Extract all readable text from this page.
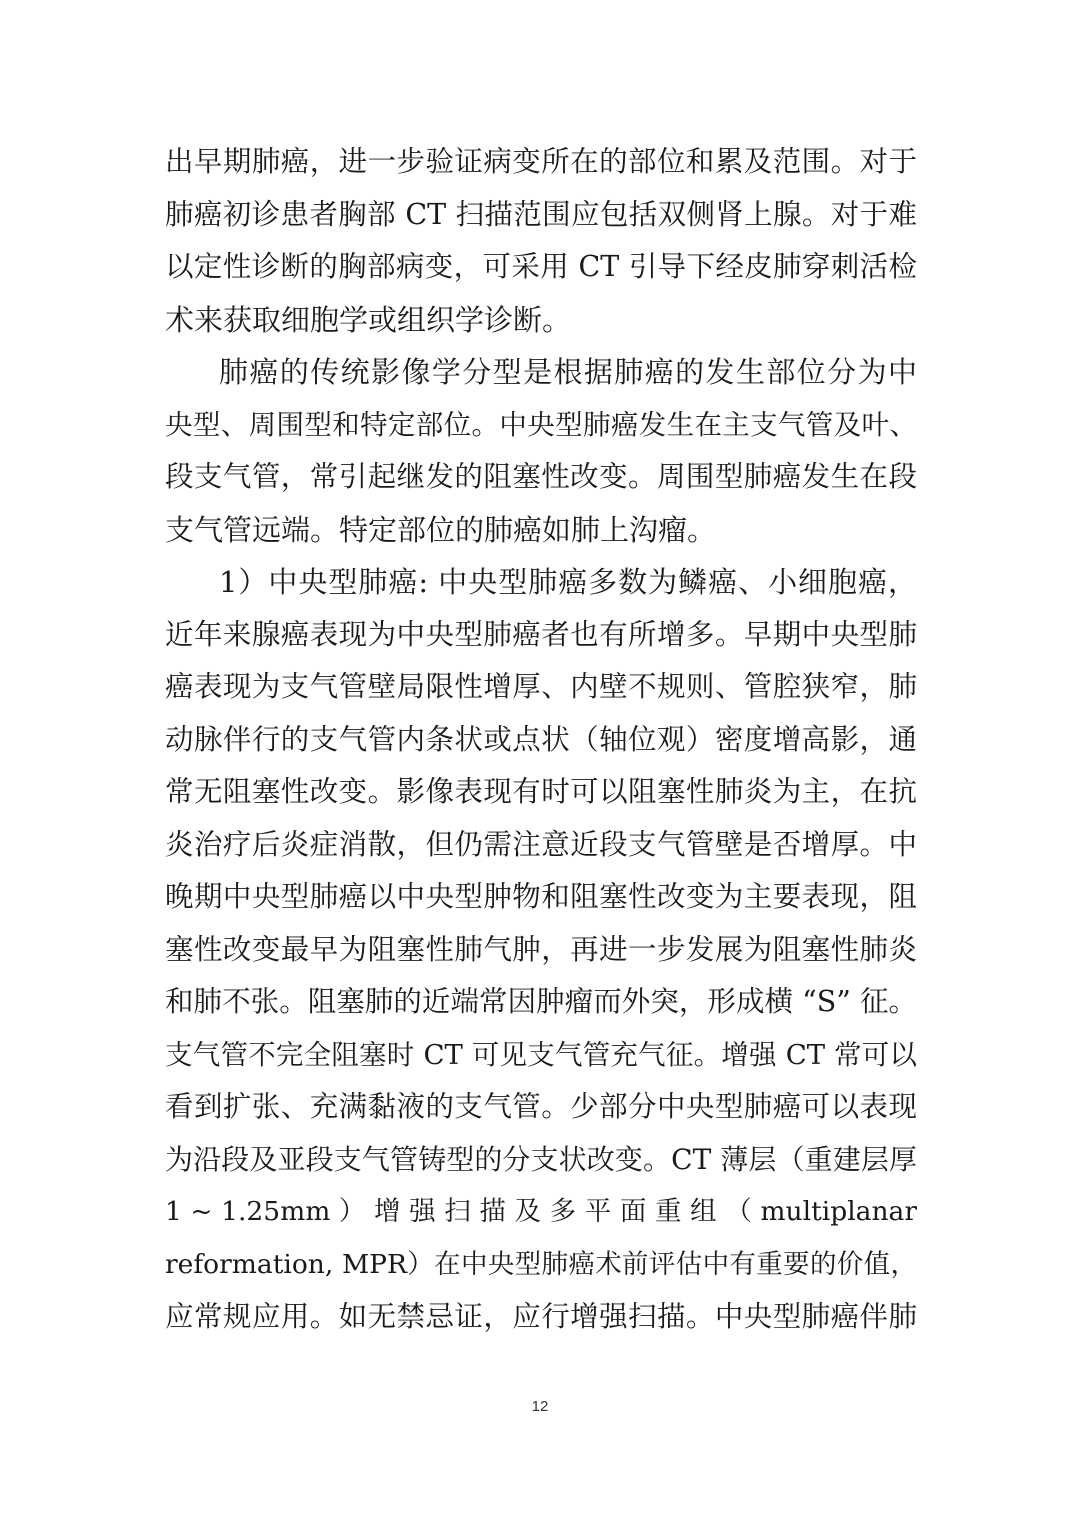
出早期肺癌，进一步验证病变所在的部位和累及范围。对于
肺癌初诊患者胸部 CT 扫描范围应包括双侧肾上腺。对于难
以定性诊断的胸部病变，可采用 CT 引导下经皮肺穿刺活检
术来获取细胞学或组织学诊断。
肺癌的传统影像学分型是根据肺癌的发生部位分为中
央型、周围型和特定部位。中央型肺癌发生在主支气管及叶、
段支气管，常引起继发的阻塞性改变。周围型肺癌发生在段
支气管远端。特定部位的肺癌如肺上沟瘤。
1）中央型肺癌: 中央型肺癌多数为鳞癌、小细胞癌，
近年来腺癌表现为中央型肺癌者也有所增多。早期中央型肺
癌表现为支气管壁局限性增厚、内壁不规则、管腔狭窄，肺
动脉伴行的支气管内条状或点状（轴位观）密度增高影，通
常无阻塞性改变。影像表现有时可以阻塞性肺炎为主，在抗
炎治疗后炎症消散，但仍需注意近段支气管壁是否增厚。中
晚期中央型肺癌以中央型肿物和阻塞性改变为主要表现，阻
塞性改变最早为阻塞性肺气肿，再进一步发展为阻塞性肺炎
和肺不张。阻塞肺的近端常因肿瘤而外突，形成横 “S” 征。
支气管不完全阻塞时 CT 可见支气管充气征。增强 CT 常可以
看到扩张、充满黏液的支气管。少部分中央型肺癌可以表现
为沿段及亚段支气管铸型的分支状改变。CT 薄层（重建层厚
1 ~ 1.25mm ） 增 强 扫 描 及 多 平 面 重 组 （ multiplanar
reformation, MPR）在中央型肺癌术前评估中有重要的价值，
应常规应用。如无禁忌证，应行增强扫描。中央型肺癌伴肺
12
